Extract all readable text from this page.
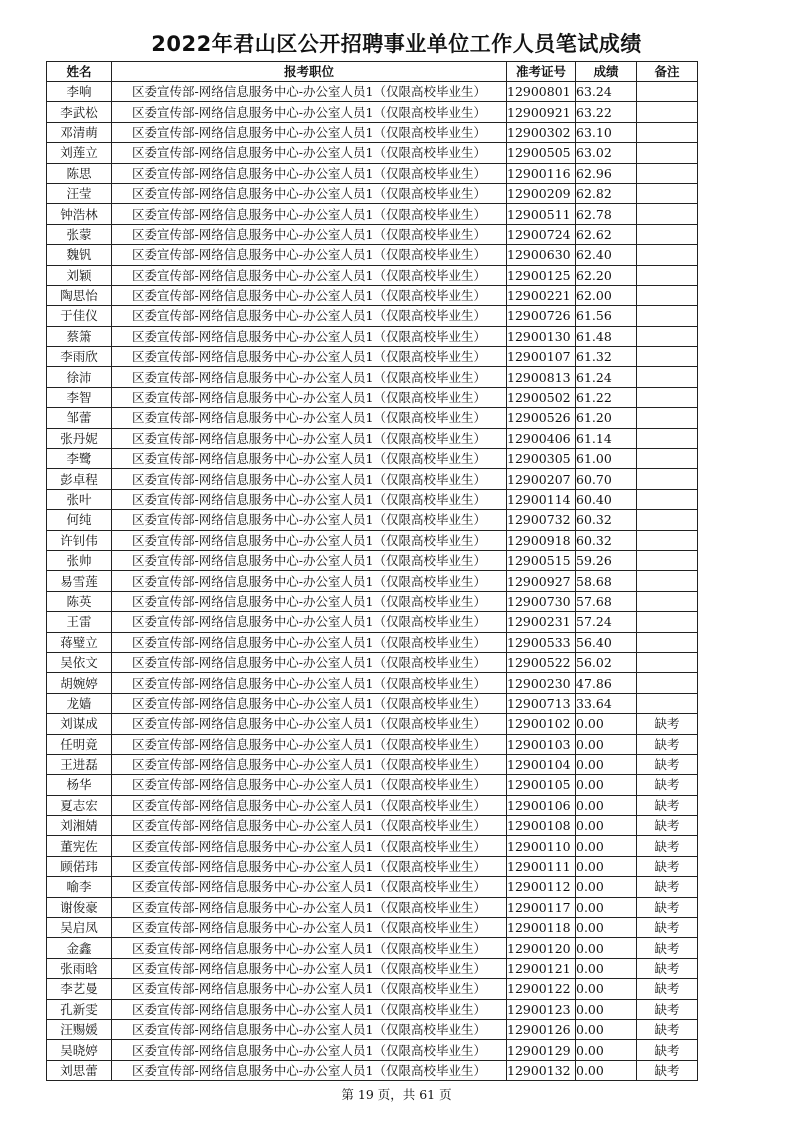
2022年君山区公开招聘事业单位工作人员笔试成绩
姓名	报考职位	准考证号	成绩	备注
李响	区委宣传部-网络信息服务中心-办公室人员1（仅限高校毕业生）	12900801	63.24	
李武松	区委宣传部-网络信息服务中心-办公室人员1（仅限高校毕业生）	12900921	63.22	
邓清萌	区委宣传部-网络信息服务中心-办公室人员1（仅限高校毕业生）	12900302	63.10	
刘莲立	区委宣传部-网络信息服务中心-办公室人员1（仅限高校毕业生）	12900505	63.02	
陈思	区委宣传部-网络信息服务中心-办公室人员1（仅限高校毕业生）	12900116	62.96	
汪莹	区委宣传部-网络信息服务中心-办公室人员1（仅限高校毕业生）	12900209	62.82	
钟浩林	区委宣传部-网络信息服务中心-办公室人员1（仅限高校毕业生）	12900511	62.78	
张蒙	区委宣传部-网络信息服务中心-办公室人员1（仅限高校毕业生）	12900724	62.62	
魏钒	区委宣传部-网络信息服务中心-办公室人员1（仅限高校毕业生）	12900630	62.40	
刘颖	区委宣传部-网络信息服务中心-办公室人员1（仅限高校毕业生）	12900125	62.20	
陶思怡	区委宣传部-网络信息服务中心-办公室人员1（仅限高校毕业生）	12900221	62.00	
于佳仪	区委宣传部-网络信息服务中心-办公室人员1（仅限高校毕业生）	12900726	61.56	
蔡箫	区委宣传部-网络信息服务中心-办公室人员1（仅限高校毕业生）	12900130	61.48	
李雨欣	区委宣传部-网络信息服务中心-办公室人员1（仅限高校毕业生）	12900107	61.32	
徐沛	区委宣传部-网络信息服务中心-办公室人员1（仅限高校毕业生）	12900813	61.24	
李智	区委宣传部-网络信息服务中心-办公室人员1（仅限高校毕业生）	12900502	61.22	
邹蕾	区委宣传部-网络信息服务中心-办公室人员1（仅限高校毕业生）	12900526	61.20	
张丹妮	区委宣传部-网络信息服务中心-办公室人员1（仅限高校毕业生）	12900406	61.14	
李鹭	区委宣传部-网络信息服务中心-办公室人员1（仅限高校毕业生）	12900305	61.00	
彭卓程	区委宣传部-网络信息服务中心-办公室人员1（仅限高校毕业生）	12900207	60.70	
张叶	区委宣传部-网络信息服务中心-办公室人员1（仅限高校毕业生）	12900114	60.40	
何纯	区委宣传部-网络信息服务中心-办公室人员1（仅限高校毕业生）	12900732	60.32	
许钊伟	区委宣传部-网络信息服务中心-办公室人员1（仅限高校毕业生）	12900918	60.32	
张帅	区委宣传部-网络信息服务中心-办公室人员1（仅限高校毕业生）	12900515	59.26	
易雪莲	区委宣传部-网络信息服务中心-办公室人员1（仅限高校毕业生）	12900927	58.68	
陈英	区委宣传部-网络信息服务中心-办公室人员1（仅限高校毕业生）	12900730	57.68	
王雷	区委宣传部-网络信息服务中心-办公室人员1（仅限高校毕业生）	12900231	57.24	
蒋璧立	区委宣传部-网络信息服务中心-办公室人员1（仅限高校毕业生）	12900533	56.40	
吴依文	区委宣传部-网络信息服务中心-办公室人员1（仅限高校毕业生）	12900522	56.02	
胡婉婷	区委宣传部-网络信息服务中心-办公室人员1（仅限高校毕业生）	12900230	47.86	
龙嫱	区委宣传部-网络信息服务中心-办公室人员1（仅限高校毕业生）	12900713	33.64	
刘谋成	区委宣传部-网络信息服务中心-办公室人员1（仅限高校毕业生）	12900102	0.00	缺考
任明竟	区委宣传部-网络信息服务中心-办公室人员1（仅限高校毕业生）	12900103	0.00	缺考
王进磊	区委宣传部-网络信息服务中心-办公室人员1（仅限高校毕业生）	12900104	0.00	缺考
杨华	区委宣传部-网络信息服务中心-办公室人员1（仅限高校毕业生）	12900105	0.00	缺考
夏志宏	区委宣传部-网络信息服务中心-办公室人员1（仅限高校毕业生）	12900106	0.00	缺考
刘湘婧	区委宣传部-网络信息服务中心-办公室人员1（仅限高校毕业生）	12900108	0.00	缺考
董宪佐	区委宣传部-网络信息服务中心-办公室人员1（仅限高校毕业生）	12900110	0.00	缺考
顾偌玮	区委宣传部-网络信息服务中心-办公室人员1（仅限高校毕业生）	12900111	0.00	缺考
喻李	区委宣传部-网络信息服务中心-办公室人员1（仅限高校毕业生）	12900112	0.00	缺考
谢俊豪	区委宣传部-网络信息服务中心-办公室人员1（仅限高校毕业生）	12900117	0.00	缺考
吴启凤	区委宣传部-网络信息服务中心-办公室人员1（仅限高校毕业生）	12900118	0.00	缺考
金鑫	区委宣传部-网络信息服务中心-办公室人员1（仅限高校毕业生）	12900120	0.00	缺考
张雨晗	区委宣传部-网络信息服务中心-办公室人员1（仅限高校毕业生）	12900121	0.00	缺考
李艺曼	区委宣传部-网络信息服务中心-办公室人员1（仅限高校毕业生）	12900122	0.00	缺考
孔新雯	区委宣传部-网络信息服务中心-办公室人员1（仅限高校毕业生）	12900123	0.00	缺考
汪赐媛	区委宣传部-网络信息服务中心-办公室人员1（仅限高校毕业生）	12900126	0.00	缺考
吴晓婷	区委宣传部-网络信息服务中心-办公室人员1（仅限高校毕业生）	12900129	0.00	缺考
刘思蕾	区委宣传部-网络信息服务中心-办公室人员1（仅限高校毕业生）	12900132	0.00	缺考
第 19 页，共 61 页
